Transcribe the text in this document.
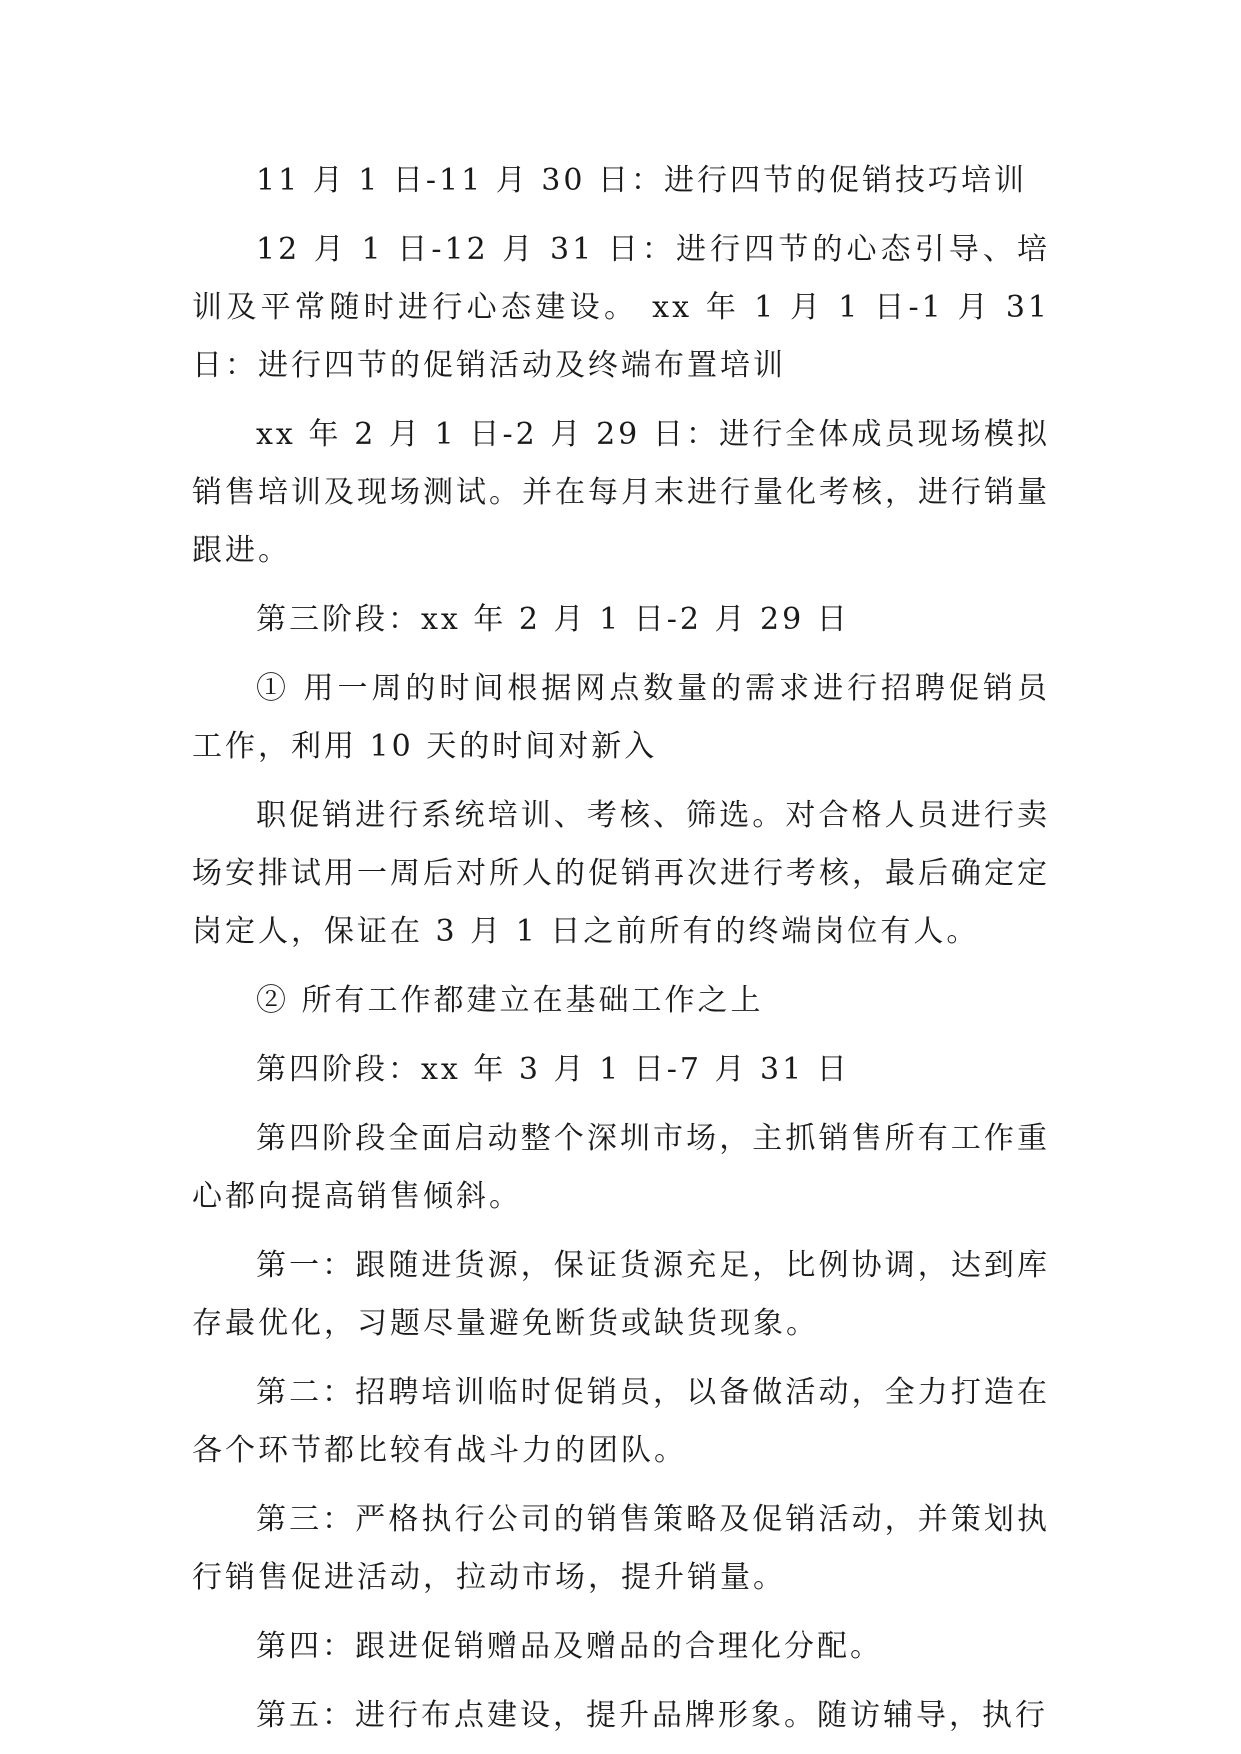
11 月 1 日-11 月 30 日：进行四节的促销技巧培训

12 月 1 日-12 月 31 日：进行四节的心态引导、培训及平常随时进行心态建设。 xx 年 1 月 1 日-1 月 31 日：进行四节的促销活动及终端布置培训

xx 年 2 月 1 日-2 月 29 日：进行全体成员现场模拟销售培训及现场测试。并在每月末进行量化考核，进行销量跟进。

第三阶段：xx 年 2 月 1 日-2 月 29 日

① 用一周的时间根据网点数量的需求进行招聘促销员工作，利用 10 天的时间对新入

职促销进行系统培训、考核、筛选。对合格人员进行卖场安排试用一周后对所人的促销再次进行考核，最后确定定岗定人，保证在 3 月 1 日之前所有的终端岗位有人。

② 所有工作都建立在基础工作之上

第四阶段：xx 年 3 月 1 日-7 月 31 日

第四阶段全面启动整个深圳市场，主抓销售所有工作重心都向提高销售倾斜。

第一：跟随进货源，保证货源充足，比例协调，达到库存最优化，习题尽量避免断货或缺货现象。

第二：招聘培训临时促销员，以备做活动，全力打造在各个环节都比较有战斗力的团队。

第三：严格执行公司的销售策略及促销活动，并策划执行销售促进活动，拉动市场，提升销量。

第四：跟进促销赠品及赠品的合理化分配。

第五：进行布点建设，提升品牌形象。随访辅导，执行
